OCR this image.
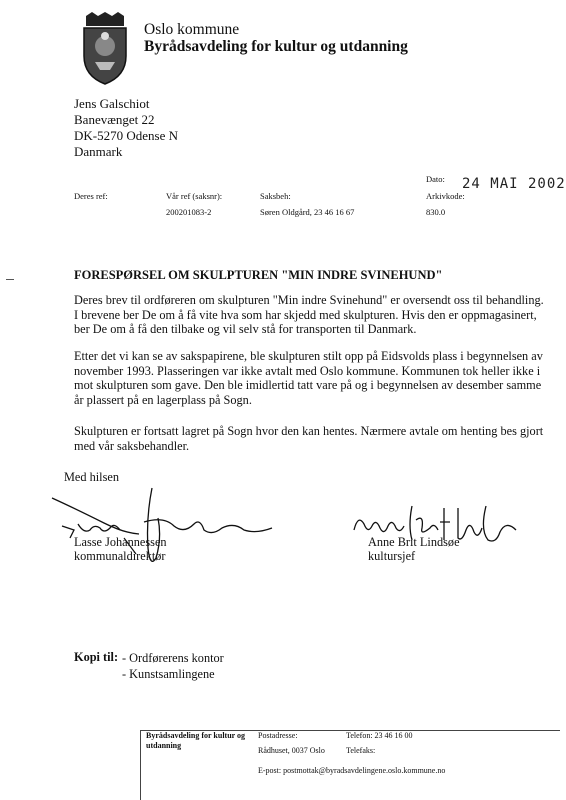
Oslo kommune
Byrådsavdeling for kultur og utdanning
Jens Galschiot
Banevænget 22
DK-5270 Odense N
Danmark
Dato: 24 MAI 2002
Arkivkode:
830.0
Deres ref:	Vår ref (saksnr):
200201083-2
Saksbeh:
Søren Oldgård, 23 46 16 67
FORESPØRSEL OM SKULPTUREN "MIN INDRE SVINEHUND"
Deres brev til ordføreren om skulpturen "Min indre Svinehund" er oversendt oss til behandling.
I brevene ber De om å få vite hva som har skjedd med skulpturen. Hvis den er oppmagasinert,
ber De om å få den tilbake og vil selv stå for transporten til Danmark.
Etter det vi kan se av sakspapirene, ble skulpturen stilt opp på Eidsvolds plass i begynnelsen av
november 1993. Plasseringen var ikke avtalt med Oslo kommune. Kommunen tok heller ikke i
mot skulpturen som gave. Den ble imidlertid tatt vare på og i begynnelsen av desember samme
år plassert på en lagerplass på Sogn.
Skulpturen er fortsatt lagret på Sogn hvor den kan hentes. Nærmere avtale om henting bes gjort
med vår saksbehandler.
Med hilsen
Lasse Johannessen
kommunaldirektør
Anne Brit Lindsøe
kultursjef
Kopi til: - Ordførerens kontor
- Kunstsamlingene
Byrådsavdeling for kultur og
utdanning
Postadresse:
Rådhuset, 0037 Oslo
Telefon: 23 46 16 00
Telefaks:
E-post: postmottak@byradsavdelingene.oslo.kommune.no
